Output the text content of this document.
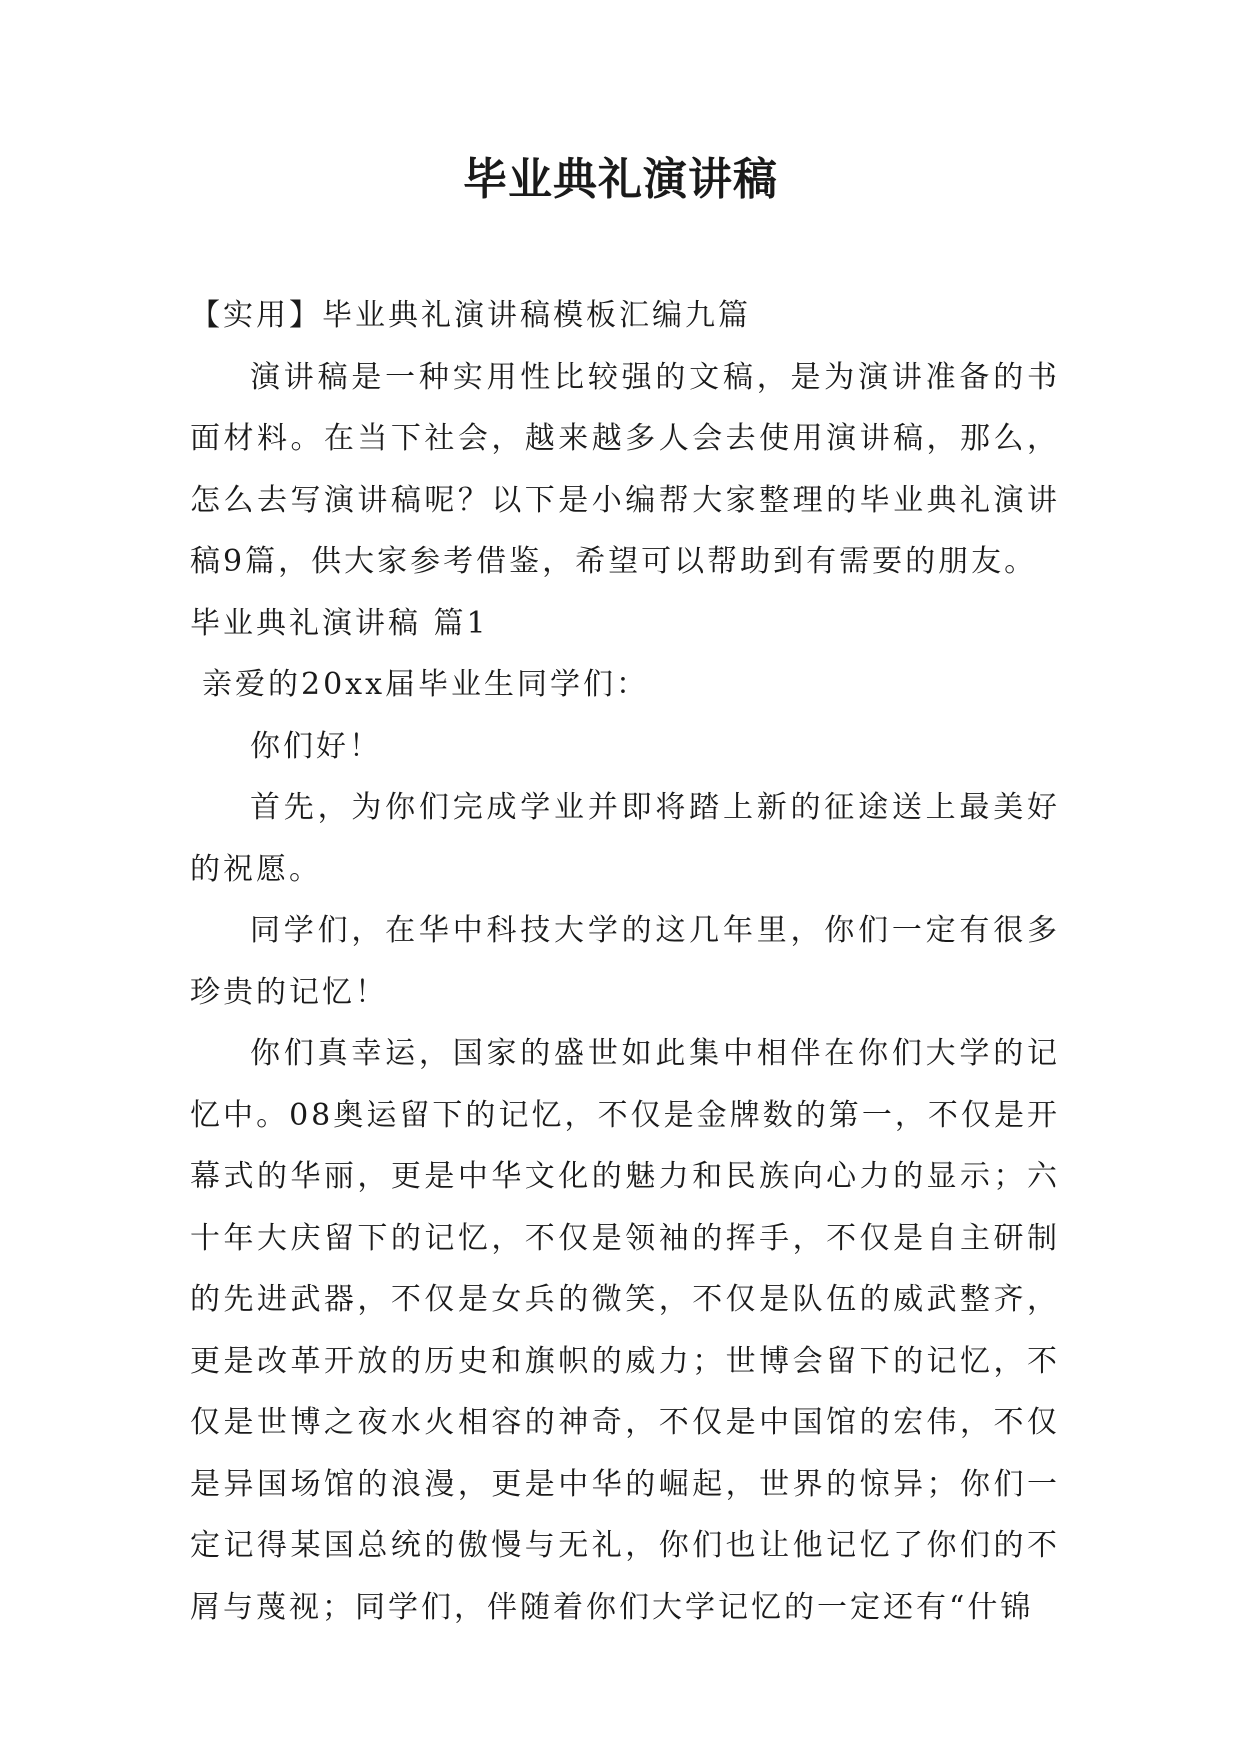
毕业典礼演讲稿

【实用】毕业典礼演讲稿模板汇编九篇

演讲稿是一种实用性比较强的文稿，是为演讲准备的书面材料。在当下社会，越来越多人会去使用演讲稿，那么，怎么去写演讲稿呢？以下是小编帮大家整理的毕业典礼演讲稿9篇，供大家参考借鉴，希望可以帮助到有需要的朋友。

毕业典礼演讲稿 篇1

亲爱的20xx届毕业生同学们：

你们好！

首先，为你们完成学业并即将踏上新的征途送上最美好的祝愿。

同学们，在华中科技大学的这几年里，你们一定有很多珍贵的记忆！

你们真幸运，国家的盛世如此集中相伴在你们大学的记忆中。08奥运留下的记忆，不仅是金牌数的第一，不仅是开幕式的华丽，更是中华文化的魅力和民族向心力的显示；六十年大庆留下的记忆，不仅是领袖的挥手，不仅是自主研制的先进武器，不仅是女兵的微笑，不仅是队伍的威武整齐，更是改革开放的历史和旗帜的威力；世博会留下的记忆，不仅是世博之夜水火相容的神奇，不仅是中国馆的宏伟，不仅是异国场馆的浪漫，更是中华的崛起，世界的惊异；你们一定记得某国总统的傲慢与无礼，你们也让他记忆了你们的不屑与蔑视；同学们，伴随着你们大学记忆的一定还有“什锦
